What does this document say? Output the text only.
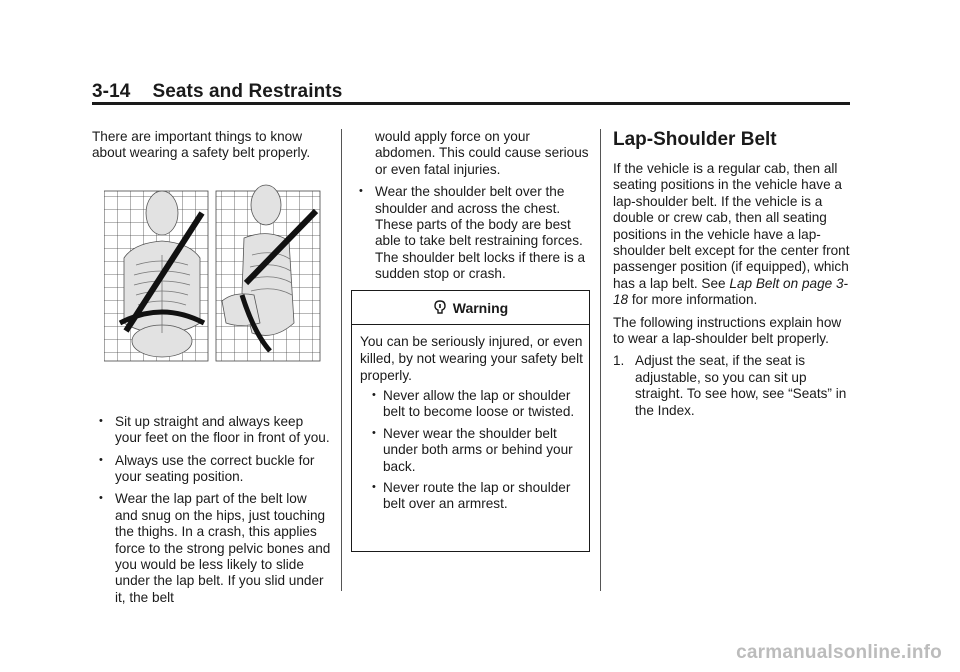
3-14 Seats and Restraints

There are important things to know about wearing a safety belt properly.

• Sit up straight and always keep your feet on the floor in front of you.
• Always use the correct buckle for your seating position.
• Wear the lap part of the belt low and snug on the hips, just touching the thighs. In a crash, this applies force to the strong pelvic bones and you would be less likely to slide under the lap belt. If you slid under it, the belt

would apply force on your abdomen. This could cause serious or even fatal injuries.

• Wear the shoulder belt over the shoulder and across the chest. These parts of the body are best able to take belt restraining forces. The shoulder belt locks if there is a sudden stop or crash.
Warning
You can be seriously injured, or even killed, by not wearing your safety belt properly.
• Never allow the lap or shoulder belt to become loose or twisted.
• Never wear the shoulder belt under both arms or behind your back.
• Never route the lap or shoulder belt over an armrest.
Lap-Shoulder Belt

If the vehicle is a regular cab, then all seating positions in the vehicle have a lap-shoulder belt. If the vehicle is a double or crew cab, then all seating positions in the vehicle have a lap-shoulder belt except for the center front passenger position (if equipped), which has a lap belt. See Lap Belt on page 3-18 for more information.

The following instructions explain how to wear a lap-shoulder belt properly.

1. Adjust the seat, if the seat is adjustable, so you can sit up straight. To see how, see “Seats” in the Index.
carmanualsonline.info
